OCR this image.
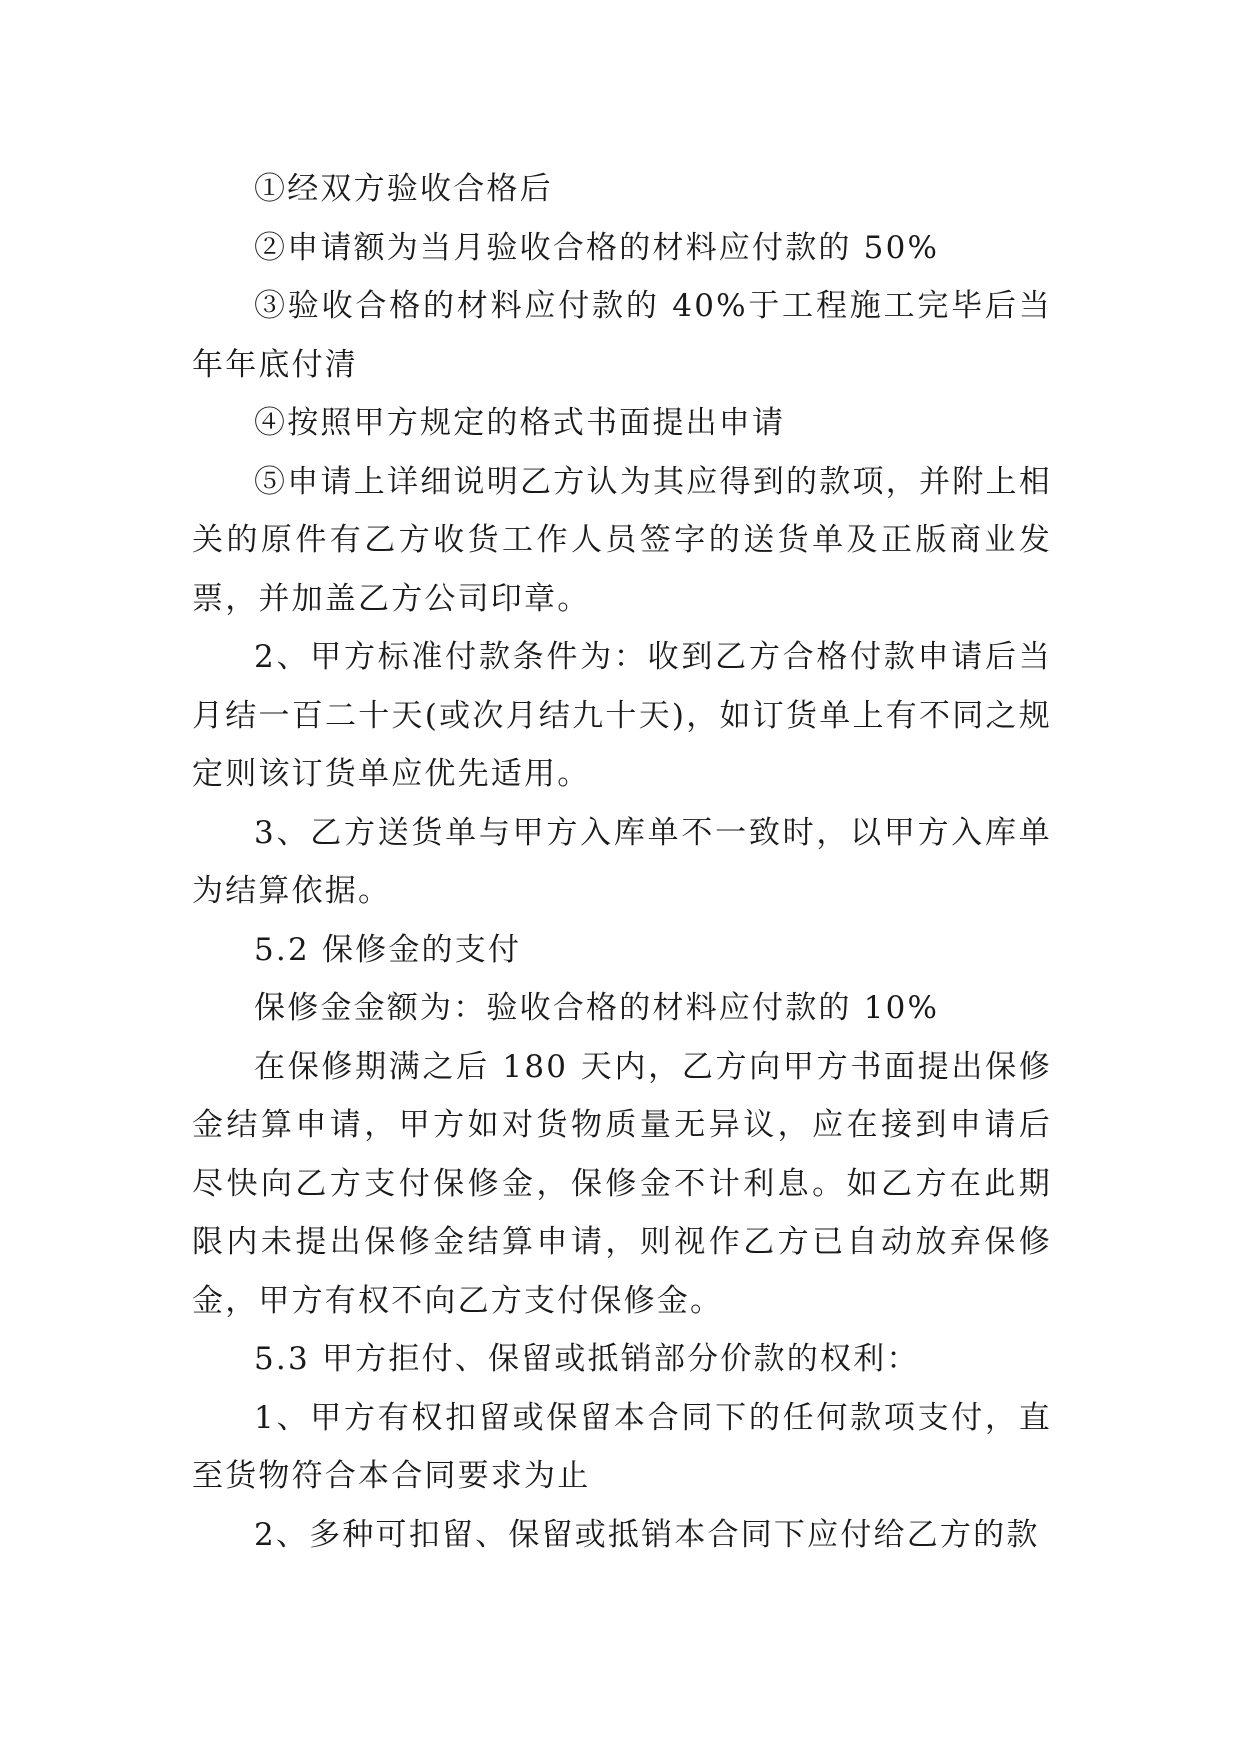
①经双方验收合格后

②申请额为当月验收合格的材料应付款的 50%

③验收合格的材料应付款的 40%于工程施工完毕后当年年底付清

④按照甲方规定的格式书面提出申请

⑤申请上详细说明乙方认为其应得到的款项，并附上相关的原件有乙方收货工作人员签字的送货单及正版商业发票，并加盖乙方公司印章。

2、甲方标准付款条件为：收到乙方合格付款申请后当月结一百二十天(或次月结九十天)，如订货单上有不同之规定则该订货单应优先适用。

3、乙方送货单与甲方入库单不一致时，以甲方入库单为结算依据。

5.2 保修金的支付

保修金金额为：验收合格的材料应付款的 10%

在保修期满之后 180 天内，乙方向甲方书面提出保修金结算申请，甲方如对货物质量无异议，应在接到申请后尽快向乙方支付保修金，保修金不计利息。如乙方在此期限内未提出保修金结算申请，则视作乙方已自动放弃保修金，甲方有权不向乙方支付保修金。

5.3 甲方拒付、保留或抵销部分价款的权利：

1、甲方有权扣留或保留本合同下的任何款项支付，直至货物符合本合同要求为止

2、多种可扣留、保留或抵销本合同下应付给乙方的款
